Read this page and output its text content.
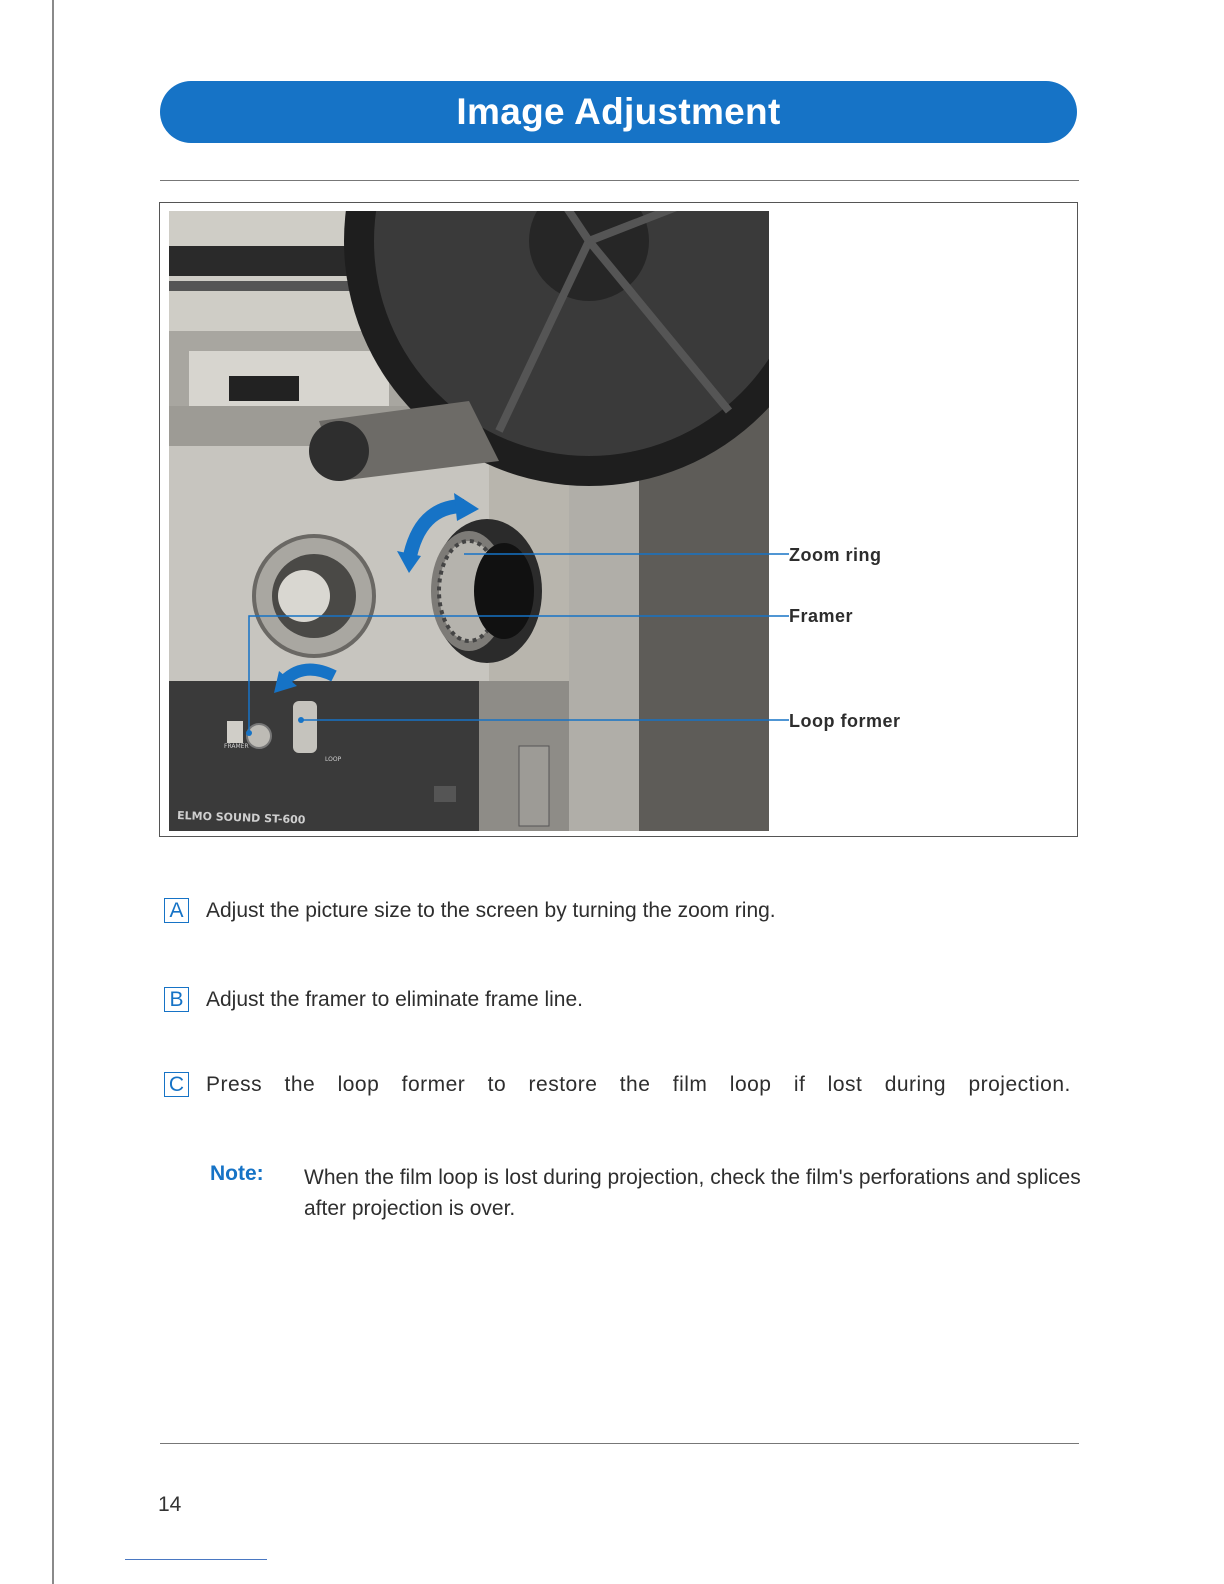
Image Adjustment
FRAMER
LOOP
ELMO SOUND ST-600
Zoom ring
Framer
Loop former
A Adjust the picture size to the screen by turning the zoom ring.
B Adjust the framer to eliminate frame line.
C Press the loop former to restore the film loop if lost during projection.
Note: When the film loop is lost during projection, check the film's perforations and splices after projection is over.
14
